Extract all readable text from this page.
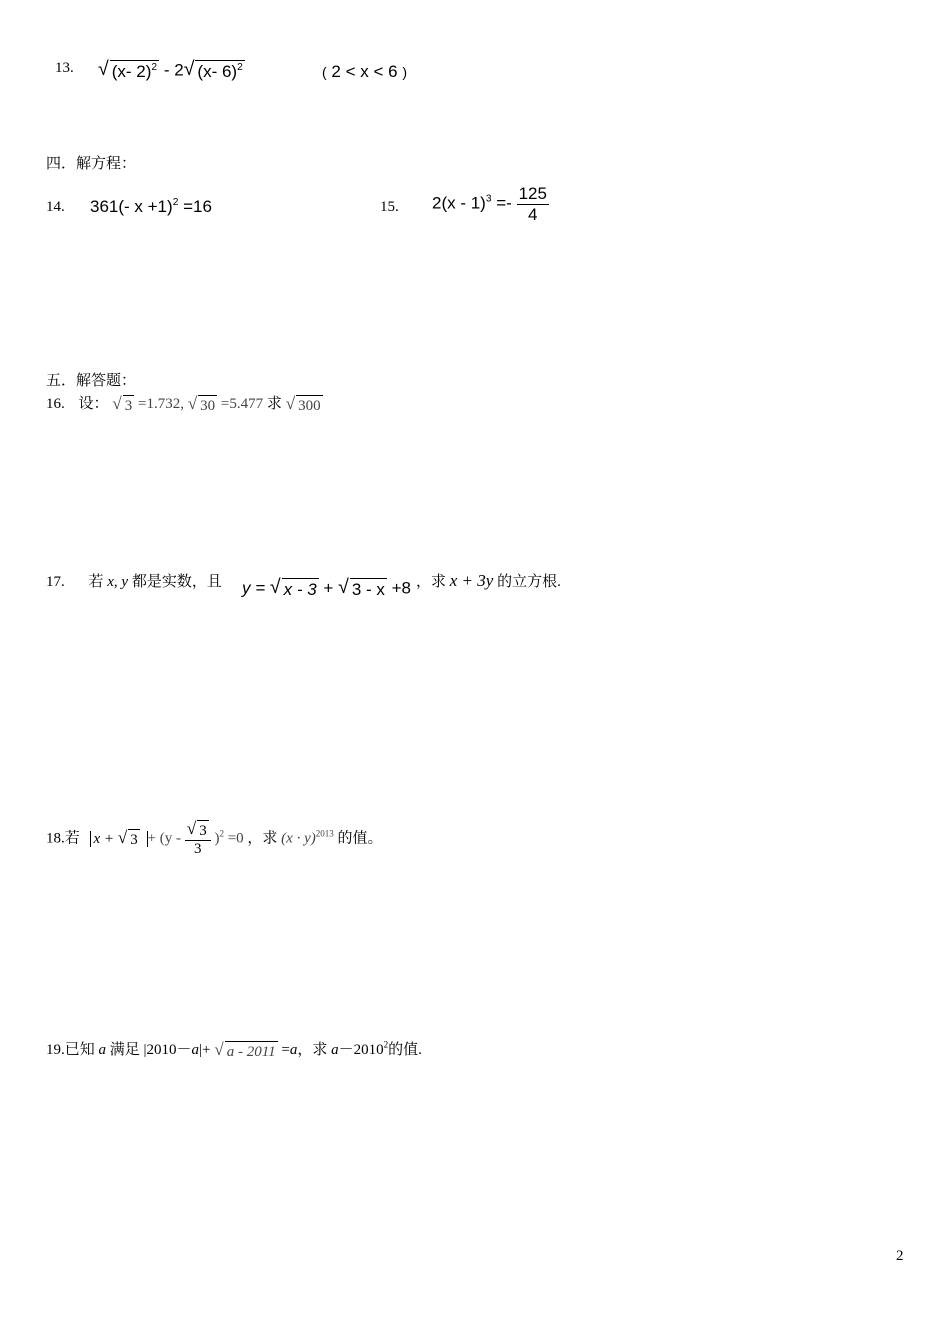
13. √ (x- 2)$^2$ - 2 √ (x- 6)$^2$	( 2 < x < 6 )
四．解方程：
14. 361(- x +1)$^2$ =16	15. $2(x - 1)^3 =- \frac{125}{4}$
五．解答题：
16. 设： √ 3 =1.732, √ 30 =5.477 求 √ 300
17. 若 x, y 都是实数，且 y = √ x - 3 + √ 3 - x +8 ，求 x + 3y 的立方根.
18.若 x + √ $3 + (y - \frac{√ 3}{3} )^2 =0$ ，求 $(x \cdot y)^{2013}$ 的值。
19.已知 a 满足 |2010－a|+ √ a - 2011 =a，求 $a-2010^2$的值.
2
